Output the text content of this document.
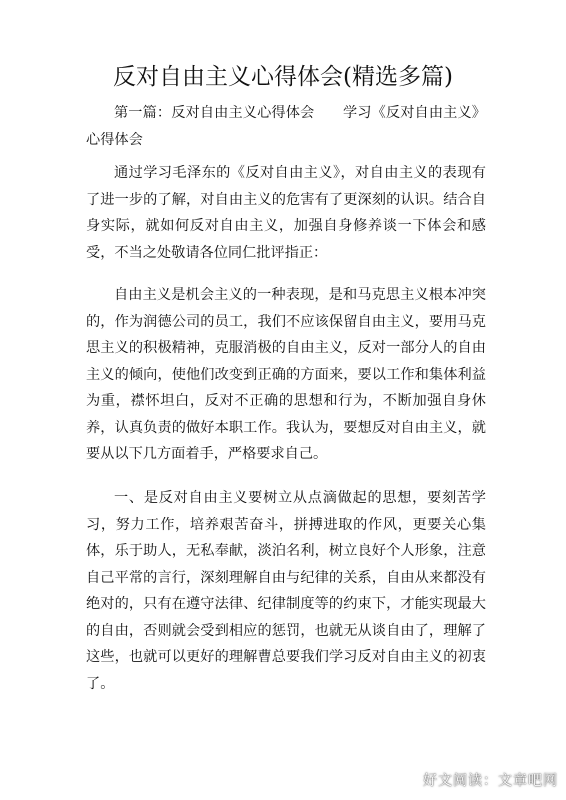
反对自由主义心得体会(精选多篇)
第一篇：反对自由主义心得体会　　学习《反对自由主义》心得体会
通过学习毛泽东的《反对自由主义》，对自由主义的表现有了进一步的了解，对自由主义的危害有了更深刻的认识。结合自身实际，就如何反对自由主义，加强自身修养谈一下体会和感受，不当之处敬请各位同仁批评指正：
自由主义是机会主义的一种表现，是和马克思主义根本冲突的，作为润德公司的员工，我们不应该保留自由主义，要用马克思主义的积极精神，克服消极的自由主义，反对一部分人的自由主义的倾向，使他们改变到正确的方面来，要以工作和集体利益为重，襟怀坦白，反对不正确的思想和行为，不断加强自身休养，认真负责的做好本职工作。我认为，要想反对自由主义，就要从以下几方面着手，严格要求自己。
一、是反对自由主义要树立从点滴做起的思想，要刻苦学习，努力工作，培养艰苦奋斗，拼搏进取的作风，更要关心集体，乐于助人，无私奉献，淡泊名利，树立良好个人形象，注意自己平常的言行，深刻理解自由与纪律的关系，自由从来都没有绝对的，只有在遵守法律、纪律制度等的约束下，才能实现最大的自由，否则就会受到相应的惩罚，也就无从谈自由了，理解了这些，也就可以更好的理解曹总要我们学习反对自由主义的初衷了。
好文阅读：文章吧网
